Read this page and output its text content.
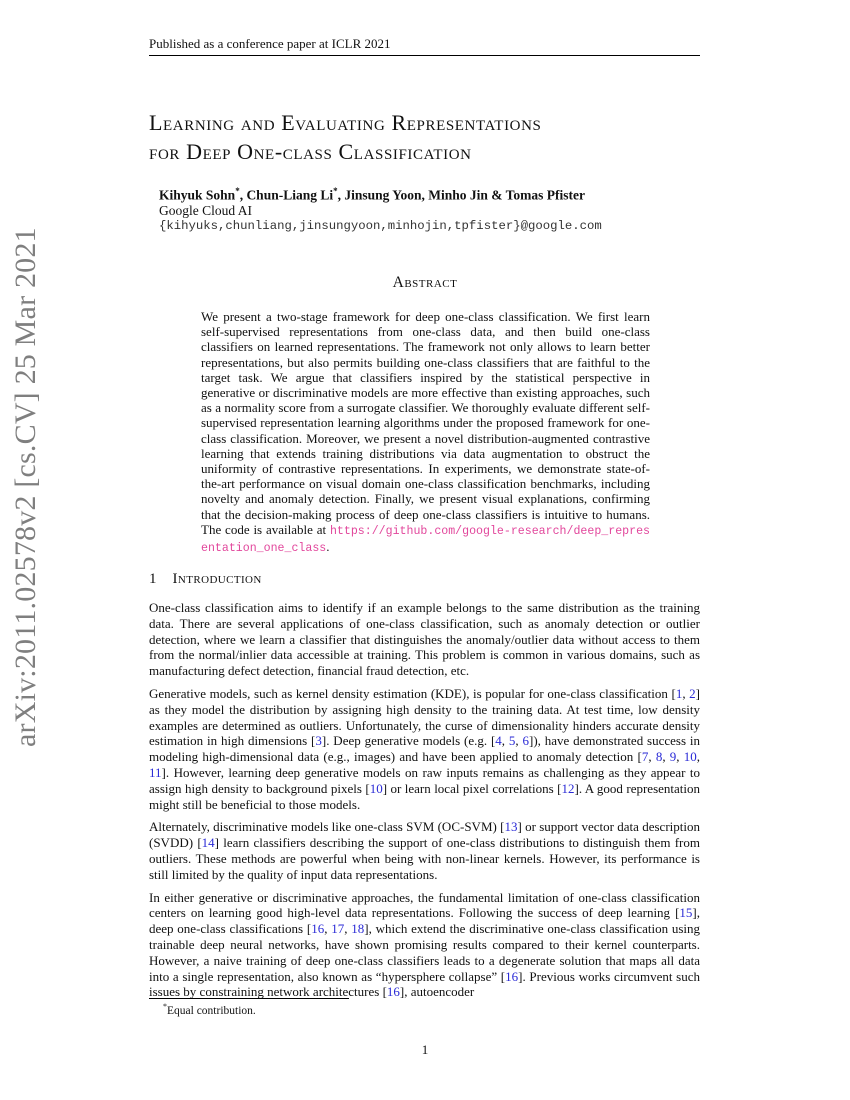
Published as a conference paper at ICLR 2021
arXiv:2011.02578v2 [cs.CV] 25 Mar 2021
Learning and Evaluating Representations
for Deep One-class Classification
Kihyuk Sohn*, Chun-Liang Li*, Jinsung Yoon, Minho Jin & Tomas Pfister
Google Cloud AI
{kihyuks,chunliang,jinsungyoon,minhojin,tpfister}@google.com
Abstract
We present a two-stage framework for deep one-class classification. We first learn self-supervised representations from one-class data, and then build one-class classifiers on learned representations. The framework not only allows to learn better representations, but also permits building one-class classifiers that are faithful to the target task. We argue that classifiers inspired by the statistical perspective in generative or discriminative models are more effective than existing approaches, such as a normality score from a surrogate classifier. We thoroughly evaluate different self-supervised representation learning algorithms under the proposed framework for one-class classification. Moreover, we present a novel distribution-augmented contrastive learning that extends training distributions via data augmentation to obstruct the uniformity of contrastive representations. In experiments, we demonstrate state-of-the-art performance on visual domain one-class classification benchmarks, including novelty and anomaly detection. Finally, we present visual explanations, confirming that the decision-making process of deep one-class classifiers is intuitive to humans. The code is available at https://github.com/google-research/deep_representation_one_class.
1 Introduction

One-class classification aims to identify if an example belongs to the same distribution as the training data. There are several applications of one-class classification, such as anomaly detection or outlier detection, where we learn a classifier that distinguishes the anomaly/outlier data without access to them from the normal/inlier data accessible at training. This problem is common in various domains, such as manufacturing defect detection, financial fraud detection, etc.

Generative models, such as kernel density estimation (KDE), is popular for one-class classification [1, 2] as they model the distribution by assigning high density to the training data. At test time, low density examples are determined as outliers. Unfortunately, the curse of dimensionality hinders accurate density estimation in high dimensions [3]. Deep generative models (e.g. [4, 5, 6]), have demonstrated success in modeling high-dimensional data (e.g., images) and have been applied to anomaly detection [7, 8, 9, 10, 11]. However, learning deep generative models on raw inputs remains as challenging as they appear to assign high density to background pixels [10] or learn local pixel correlations [12]. A good representation might still be beneficial to those models.

Alternately, discriminative models like one-class SVM (OC-SVM) [13] or support vector data description (SVDD) [14] learn classifiers describing the support of one-class distributions to distinguish them from outliers. These methods are powerful when being with non-linear kernels. However, its performance is still limited by the quality of input data representations.

In either generative or discriminative approaches, the fundamental limitation of one-class classification centers on learning good high-level data representations. Following the success of deep learning [15], deep one-class classifications [16, 17, 18], which extend the discriminative one-class classification using trainable deep neural networks, have shown promising results compared to their kernel counterparts. However, a naive training of deep one-class classifiers leads to a degenerate solution that maps all data into a single representation, also known as “hypersphere collapse” [16]. Previous works circumvent such issues by constraining network architectures [16], autoencoder

*Equal contribution.
1
